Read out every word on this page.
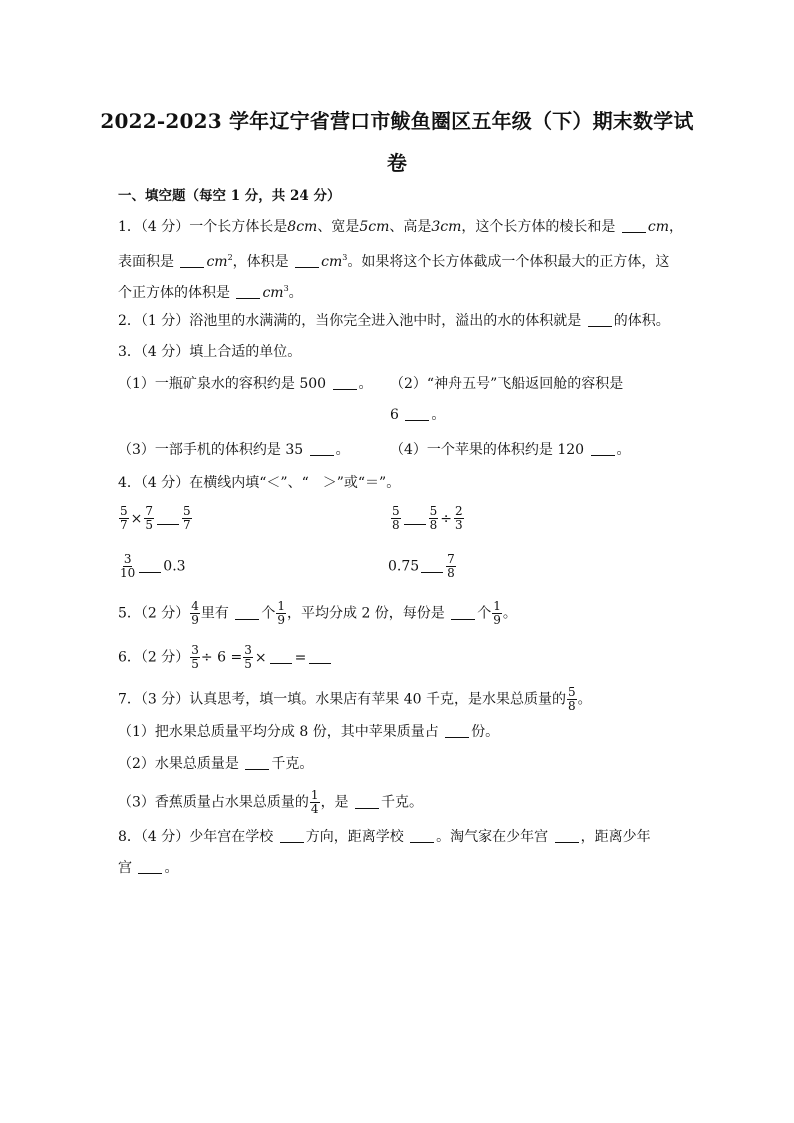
2022-2023 学年辽宁省营口市鲅鱼圈区五年级（下）期末数学试
卷
一、填空题（每空 1 分，共 24 分）
1．（4 分）一个长方体长是8cm、宽是5cm、高是3cm，这个长方体的棱长和是 cm，
表面积是 $cm^2$，体积是 $cm^3$。如果将这个长方体截成一个体积最大的正方体，这
个正方体的体积是 $cm^3$。
2．（1 分）浴池里的水满满的，当你完全进入池中时，溢出的水的体积就是 的体积。
3．（4 分）填上合适的单位。
（1）一瓶矿泉水的容积约是 500 。 （2）“神舟五号”飞船返回舱的容积是
6 。
（3）一部手机的体积约是 35 。	（4）一个苹果的体积约是 120 。
4．（4 分）在横线内填“＜”、“　＞”或“＝”。
$\frac{5}{7} \times \frac{7}{5} \frac{5}{7}$	$\frac{5}{8} \frac{5}{8} \div \frac{2}{3}$
$\frac{3}{10} 0.3$	$0.75 \frac{7}{8}$
5．（2 分） $\frac{4}{9}$ 里有 个 $\frac{1}{9}$ ，平均分成 2 份，每份是 个 $\frac{1}{9}$ 。
6．（2 分） $\frac{3}{5} \div 6 = \frac{3}{5}$ × =
7．（3 分）认真思考，填一填。水果店有苹果 40 千克，是水果总质量的 $\frac{5}{8}$ 。
（1）把水果总质量平均分成 8 份，其中苹果质量占 份。
（2）水果总质量是 千克。
（3）香蕉质量占水果总质量的 $\frac{1}{4}$ ，是 千克。
8．（4 分）少年宫在学校 方向，距离学校 。淘气家在少年宫 ，距离少年
宫 。
